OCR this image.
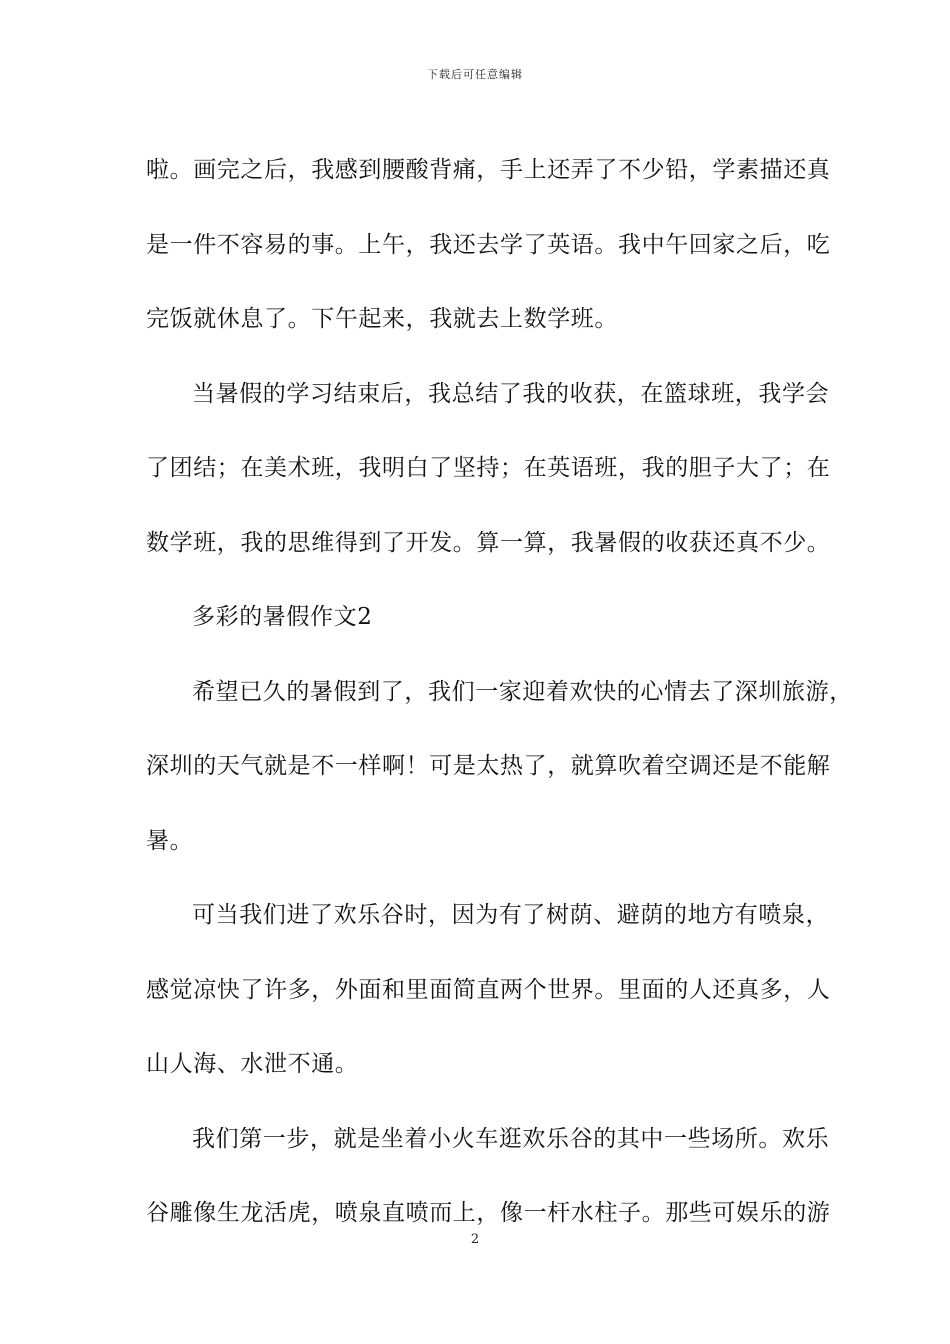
下载后可任意编辑
啦。画完之后，我感到腰酸背痛，手上还弄了不少铅，学素描还真
是一件不容易的事。上午，我还去学了英语。我中午回家之后，吃
完饭就休息了。下午起来，我就去上数学班。
当暑假的学习结束后，我总结了我的收获，在篮球班，我学会
了团结；在美术班，我明白了坚持；在英语班，我的胆子大了；在
数学班，我的思维得到了开发。算一算，我暑假的收获还真不少。
多彩的暑假作文2
希望已久的暑假到了，我们一家迎着欢快的心情去了深圳旅游，
深圳的天气就是不一样啊！可是太热了，就算吹着空调还是不能解
暑。
可当我们进了欢乐谷时，因为有了树荫、避荫的地方有喷泉，
感觉凉快了许多，外面和里面简直两个世界。里面的人还真多，人
山人海、水泄不通。
我们第一步，就是坐着小火车逛欢乐谷的其中一些场所。欢乐
谷雕像生龙活虎，喷泉直喷而上，像一杆水柱子。那些可娱乐的游
2
